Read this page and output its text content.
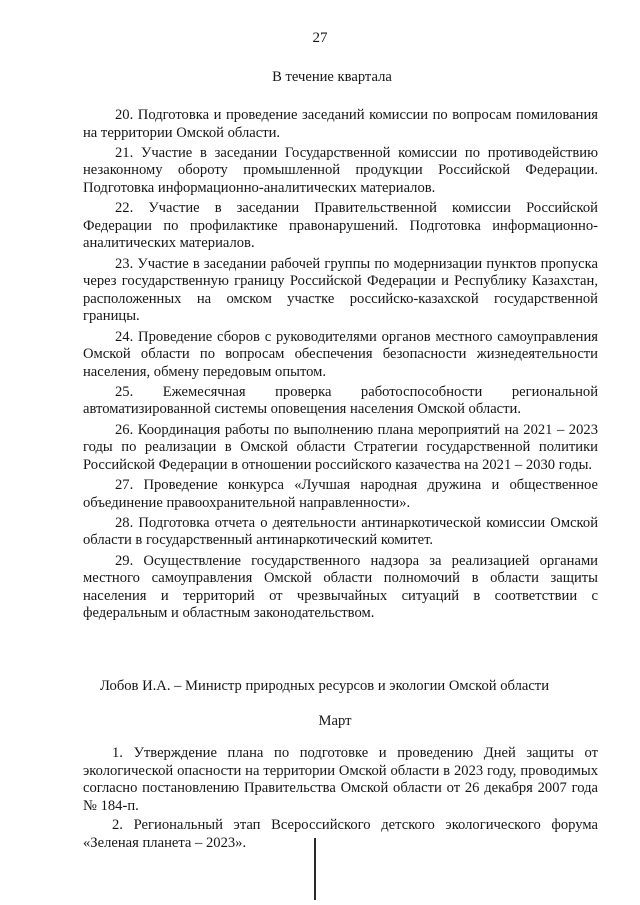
27
В течение квартала

20. Подготовка и проведение заседаний комиссии по вопросам помилования на территории Омской области.

21. Участие в заседании Государственной комиссии по противодействию незаконному обороту промышленной продукции Российской Федерации. Подготовка информационно-аналитических материалов.

22. Участие в заседании Правительственной комиссии Российской Федерации по профилактике правонарушений. Подготовка информационно-аналитических материалов.

23. Участие в заседании рабочей группы по модернизации пунктов пропуска через государственную границу Российской Федерации и Республику Казахстан, расположенных на омском участке российско-казахской государственной границы.

24. Проведение сборов с руководителями органов местного самоуправления Омской области по вопросам обеспечения безопасности жизнедеятельности населения, обмену передовым опытом.

25. Ежемесячная проверка работоспособности региональной автоматизированной системы оповещения населения Омской области.

26. Координация работы по выполнению плана мероприятий на 2021 – 2023 годы по реализации в Омской области Стратегии государственной политики Российской Федерации в отношении российского казачества на 2021 – 2030 годы.

27. Проведение конкурса «Лучшая народная дружина и общественное объединение правоохранительной направленности».

28. Подготовка отчета о деятельности антинаркотической комиссии Омской области в государственный антинаркотический комитет.

29. Осуществление государственного надзора за реализацией органами местного самоуправления Омской области полномочий в области защиты населения и территорий от чрезвычайных ситуаций в соответствии с федеральным и областным законодательством.

Лобов И.А. – Министр природных ресурсов и экологии Омской области
Март

1. Утверждение плана по подготовке и проведению Дней защиты от экологической опасности на территории Омской области в 2023 году, проводимых согласно постановлению Правительства Омской области от 26 декабря 2007 года № 184-п.

2. Региональный этап Всероссийского детского экологического форума «Зеленая планета – 2023».
